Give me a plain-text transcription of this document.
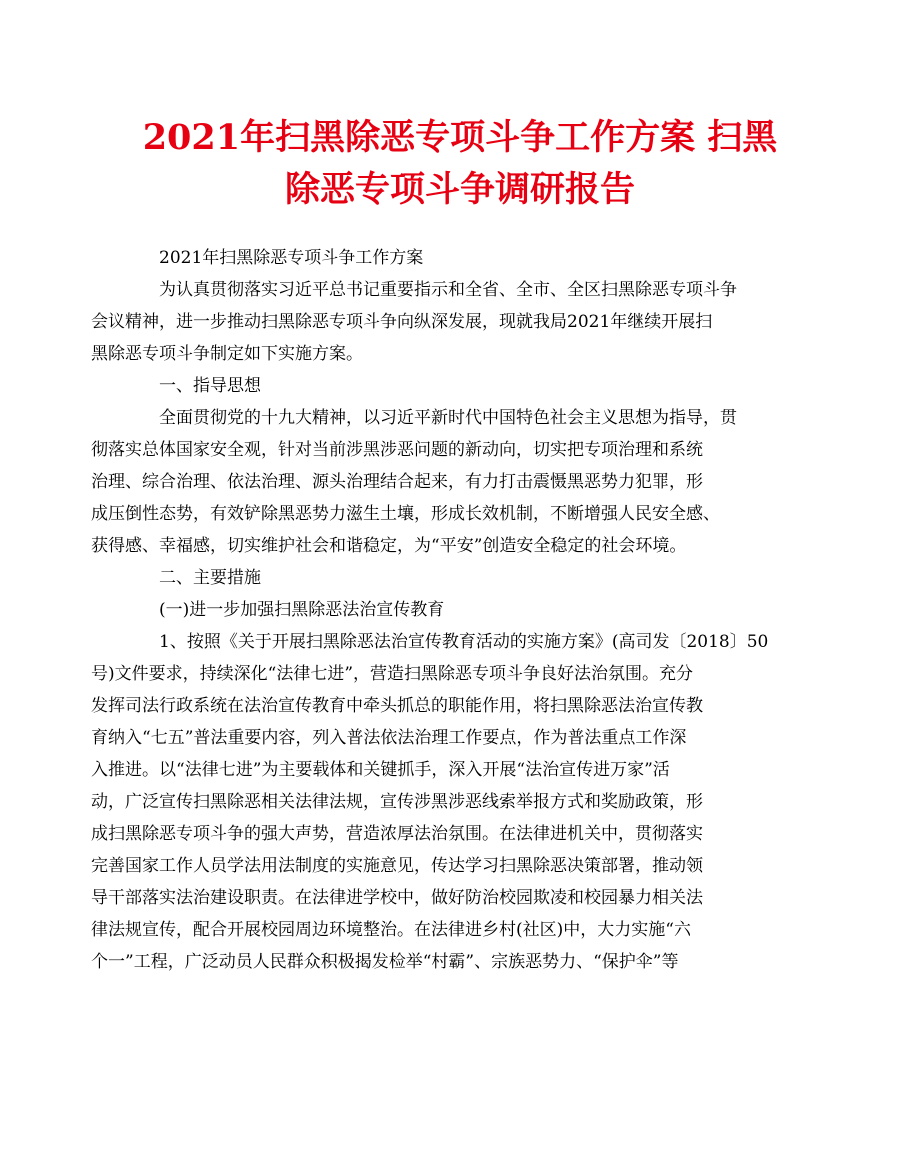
2021年扫黑除恶专项斗争工作方案 扫黑
除恶专项斗争调研报告

2021年扫黑除恶专项斗争工作方案

为认真贯彻落实习近平总书记重要指示和全省、全市、全区扫黑除恶专项斗争
会议精神，进一步推动扫黑除恶专项斗争向纵深发展，现就我局2021年继续开展扫
黑除恶专项斗争制定如下实施方案。

一、指导思想

全面贯彻党的十九大精神，以习近平新时代中国特色社会主义思想为指导，贯
彻落实总体国家安全观，针对当前涉黑涉恶问题的新动向，切实把专项治理和系统
治理、综合治理、依法治理、源头治理结合起来，有力打击震慑黑恶势力犯罪，形
成压倒性态势，有效铲除黑恶势力滋生土壤，形成长效机制，不断增强人民安全感、
获得感、幸福感，切实维护社会和谐稳定，为“平安”创造安全稳定的社会环境。

二、主要措施

(一)进一步加强扫黑除恶法治宣传教育

1、按照《关于开展扫黑除恶法治宣传教育活动的实施方案》(高司发〔2018〕50
号)文件要求，持续深化“法律七进”，营造扫黑除恶专项斗争良好法治氛围。充分
发挥司法行政系统在法治宣传教育中牵头抓总的职能作用，将扫黑除恶法治宣传教
育纳入“七五”普法重要内容，列入普法依法治理工作要点，作为普法重点工作深
入推进。以“法律七进”为主要载体和关键抓手，深入开展“法治宣传进万家”活
动，广泛宣传扫黑除恶相关法律法规，宣传涉黑涉恶线索举报方式和奖励政策，形
成扫黑除恶专项斗争的强大声势，营造浓厚法治氛围。在法律进机关中，贯彻落实
完善国家工作人员学法用法制度的实施意见，传达学习扫黑除恶决策部署，推动领
导干部落实法治建设职责。在法律进学校中，做好防治校园欺凌和校园暴力相关法
律法规宣传，配合开展校园周边环境整治。在法律进乡村(社区)中，大力实施“六
个一”工程，广泛动员人民群众积极揭发检举“村霸”、宗族恶势力、“保护伞”等
